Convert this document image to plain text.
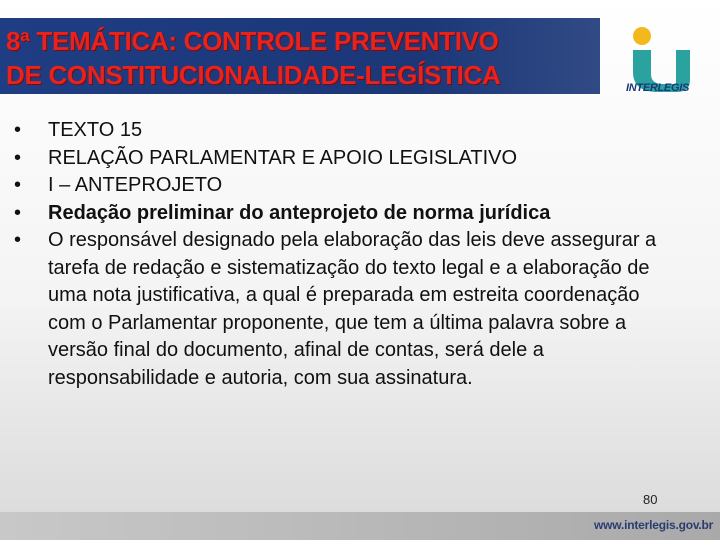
8ª TEMÁTICA: CONTROLE PREVENTIVO
DE CONSTITUCIONALIDADE-LEGÍSTICA	INTERLEGIS
• TEXTO 15
• RELAÇÃO PARLAMENTAR E APOIO LEGISLATIVO
• I – ANTEPROJETO
• Redação preliminar do anteprojeto de norma jurídica
• O responsável designado pela elaboração das leis deve assegurar a tarefa de redação e sistematização do texto legal e a elaboração de uma nota justificativa, a qual é preparada em estreita coordenação com o Parlamentar proponente, que tem a última palavra sobre a versão final do documento, afinal de contas, será dele a responsabilidade e autoria, com sua assinatura.
80
www.interlegis.gov.br
